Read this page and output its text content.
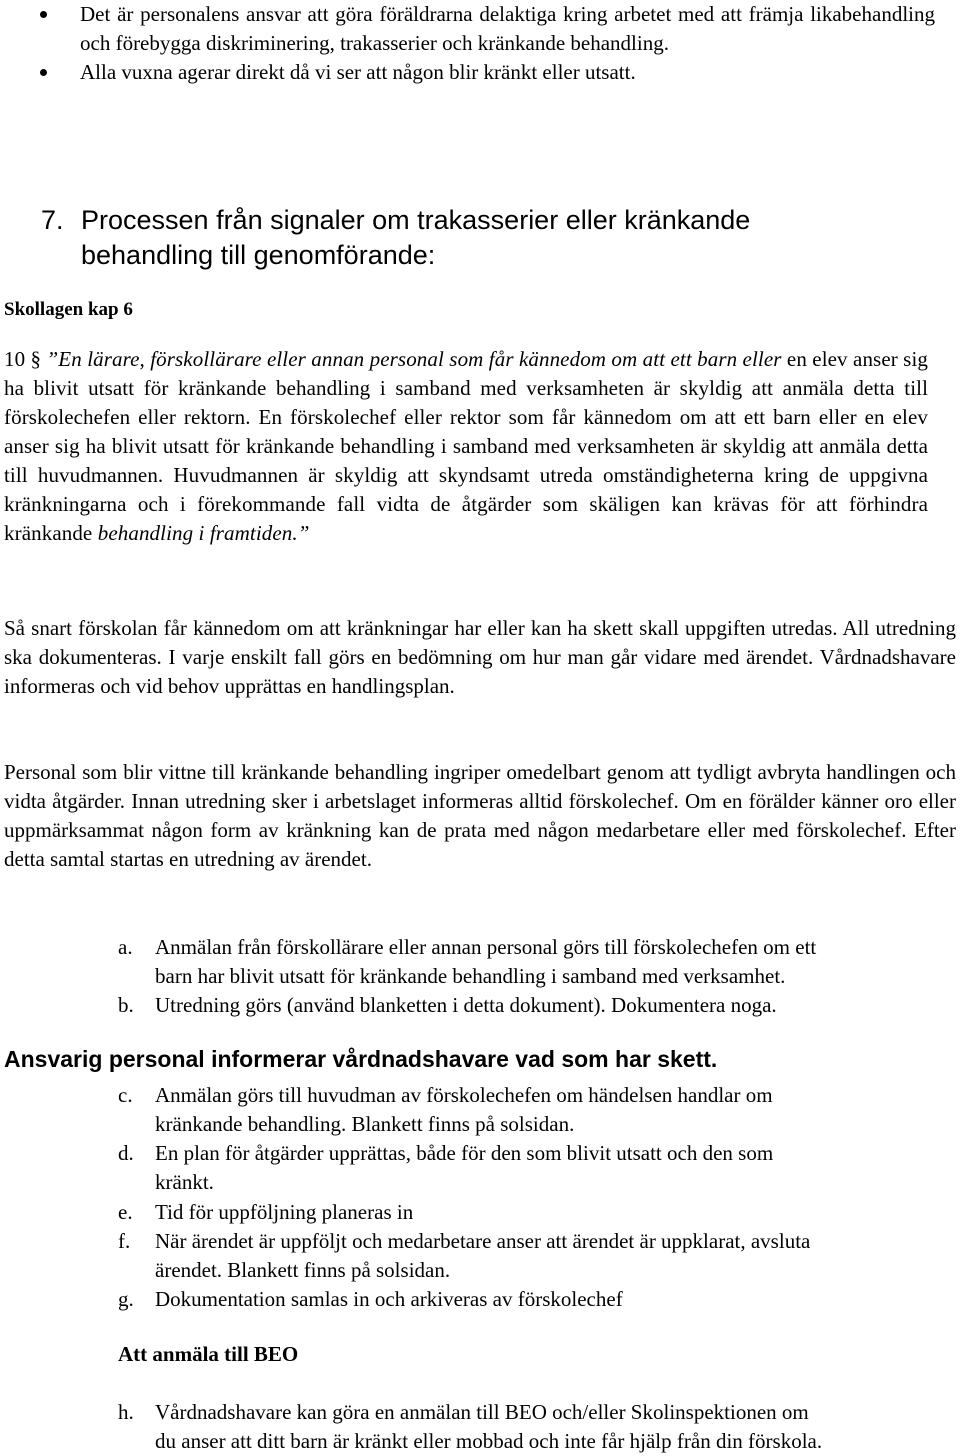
Det är personalens ansvar att göra föräldrarna delaktiga kring arbetet med att främja likabehandling och förebygga diskriminering, trakasserier och kränkande behandling.

Alla vuxna agerar direkt då vi ser att någon blir kränkt eller utsatt.

7. Processen från signaler om trakasserier eller kränkande
behandling till genomförande:
Skollagen kap 6

10 § ”En lärare, förskollärare eller annan personal som får kännedom om att ett barn eller en elev anser sig ha blivit utsatt för kränkande behandling i samband med verksamheten är skyldig att anmäla detta till förskolechefen eller rektorn. En förskolechef eller rektor som får kännedom om att ett barn eller en elev anser sig ha blivit utsatt för kränkande behandling i samband med verksamheten är skyldig att anmäla detta till huvudmannen. Huvudmannen är skyldig att skyndsamt utreda omständigheterna kring de uppgivna kränkningarna och i förekommande fall vidta de åtgärder som skäligen kan krävas för att förhindra kränkande behandling i framtiden.”

Så snart förskolan får kännedom om att kränkningar har eller kan ha skett skall uppgiften utredas. All utredning ska dokumenteras. I varje enskilt fall görs en bedömning om hur man går vidare med ärendet. Vårdnadshavare informeras och vid behov upprättas en handlingsplan.

Personal som blir vittne till kränkande behandling ingriper omedelbart genom att tydligt avbryta handlingen och vidta åtgärder. Innan utredning sker i arbetslaget informeras alltid förskolechef. Om en förälder känner oro eller uppmärksammat någon form av kränkning kan de prata med någon medarbetare eller med förskolechef. Efter detta samtal startas en utredning av ärendet.

a. Anmälan från förskollärare eller annan personal görs till förskolechefen om ett
barn har blivit utsatt för kränkande behandling i samband med verksamhet.
b. Utredning görs (använd blanketten i detta dokument). Dokumentera noga.
Ansvarig personal informerar vårdnadshavare vad som har skett.
c. Anmälan görs till huvudman av förskolechefen om händelsen handlar om
kränkande behandling. Blankett finns på solsidan.
d. En plan för åtgärder upprättas, både för den som blivit utsatt och den som
kränkt.
e. Tid för uppföljning planeras in
f. När ärendet är uppföljt och medarbetare anser att ärendet är uppklarat, avsluta
ärendet. Blankett finns på solsidan.
g. Dokumentation samlas in och arkiveras av förskolechef
Att anmäla till BEO
h. Vårdnadshavare kan göra en anmälan till BEO och/eller Skolinspektionen om
du anser att ditt barn är kränkt eller mobbad och inte får hjälp från din förskola.
